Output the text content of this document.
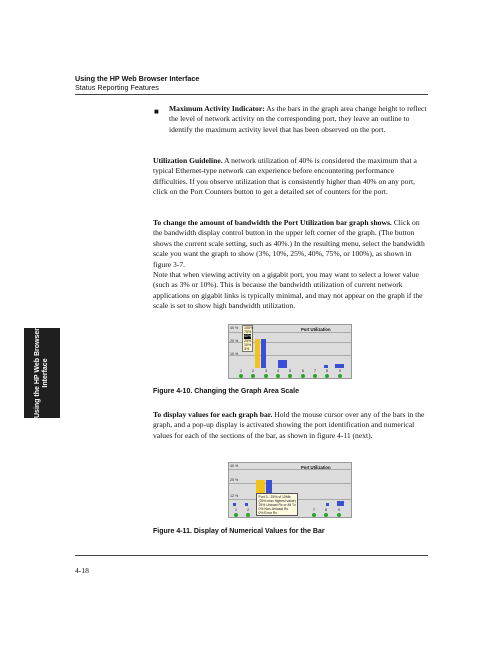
Using the HP Web Browser Interface
Status Reporting Features
■ Maximum Activity Indicator: As the bars in the graph area change height to reflect the level of network activity on the corresponding port, they leave an outline to identify the maximum activity level that has been observed on the port.
Utilization Guideline. A network utilization of 40% is considered the maximum that a typical Ethernet-type network can experience before encountering performance difficulties. If you observe utilization that is consistently higher than 40% on any port, click on the Port Counters button to get a detailed set of counters for the port.
To change the amount of bandwidth the Port Utilization bar graph shows. Click on the bandwidth display control button in the upper left corner of the graph. (The button shows the current scale setting, such as 40%.) In the resulting menu, select the bandwidth scale you want the graph to show (3%, 10%, 25%, 40%, 75%, or 100%), as shown in figure 3-7.
Note that when viewing activity on a gigabit port, you may want to select a lower value (such as 3% or 10%). This is because the bandwidth utilization of current network applications on gigabit links is typically minimal, and may not appear on the graph if the scale is set to show high bandwidth utilization.
Using the HP Web Browser Interface
40 %
20 %
10 %
Port Utilization
100%
75%
40%
25%
10%
3%
1	2	3	4	5	6	7	8	9
Figure 4-10. Changing the Graph Area Scale
To display values for each graph bar. Hold the mouse cursor over any of the bars in the graph, and a pop-up display is activated showing the port identification and numerical values for each of the sections of the bar, as shown in figure 4-11 (next).
40 %
25 %
12 %
Port Utilization
Port 3 - 25% of 10Mb
(25% max highest value)
25% Unicast Rx or All Tx
0% Non-Unicast Rx
0% Error Rx
1	2	7	8	9
Figure 4-11. Display of Numerical Values for the Bar
4-18
